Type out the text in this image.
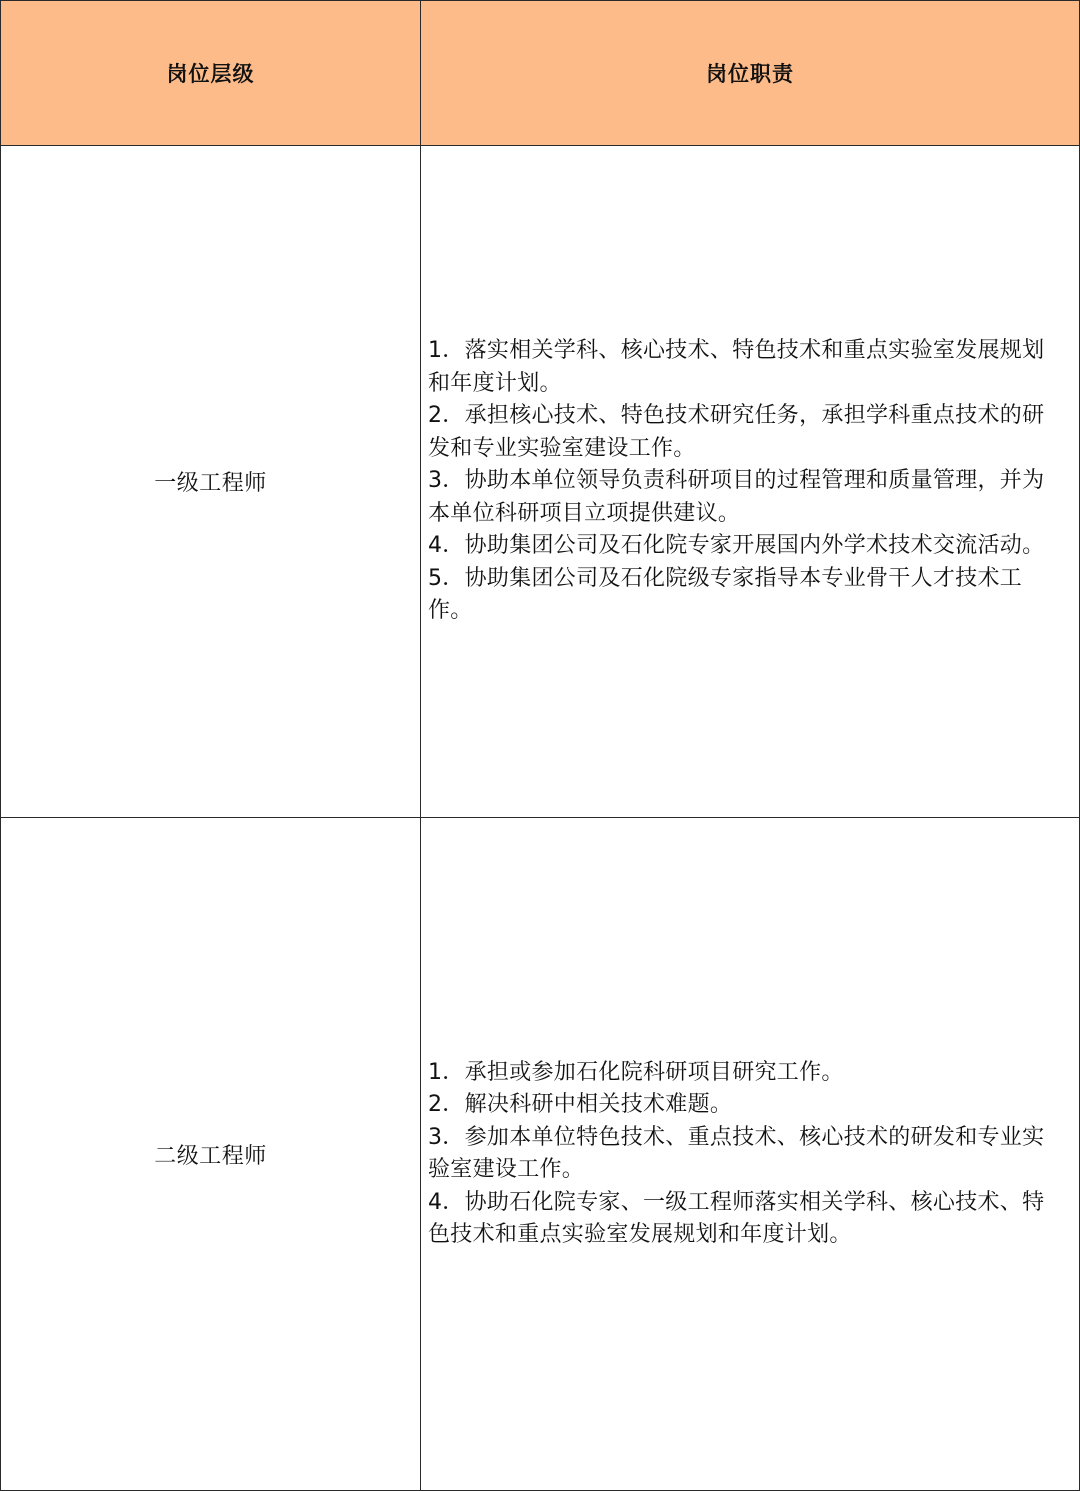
岗位层级	岗位职责
一级工程师
1．落实相关学科、核心技术、特色技术和重点实验室发展规划和年度计划。
2．承担核心技术、特色技术研究任务，承担学科重点技术的研发和专业实验室建设工作。
3．协助本单位领导负责科研项目的过程管理和质量管理，并为本单位科研项目立项提供建议。
4．协助集团公司及石化院专家开展国内外学术技术交流活动。
5．协助集团公司及石化院级专家指导本专业骨干人才技术工作。
二级工程师
1．承担或参加石化院科研项目研究工作。
2．解决科研中相关技术难题。
3．参加本单位特色技术、重点技术、核心技术的研发和专业实验室建设工作。
4．协助石化院专家、一级工程师落实相关学科、核心技术、特色技术和重点实验室发展规划和年度计划。
